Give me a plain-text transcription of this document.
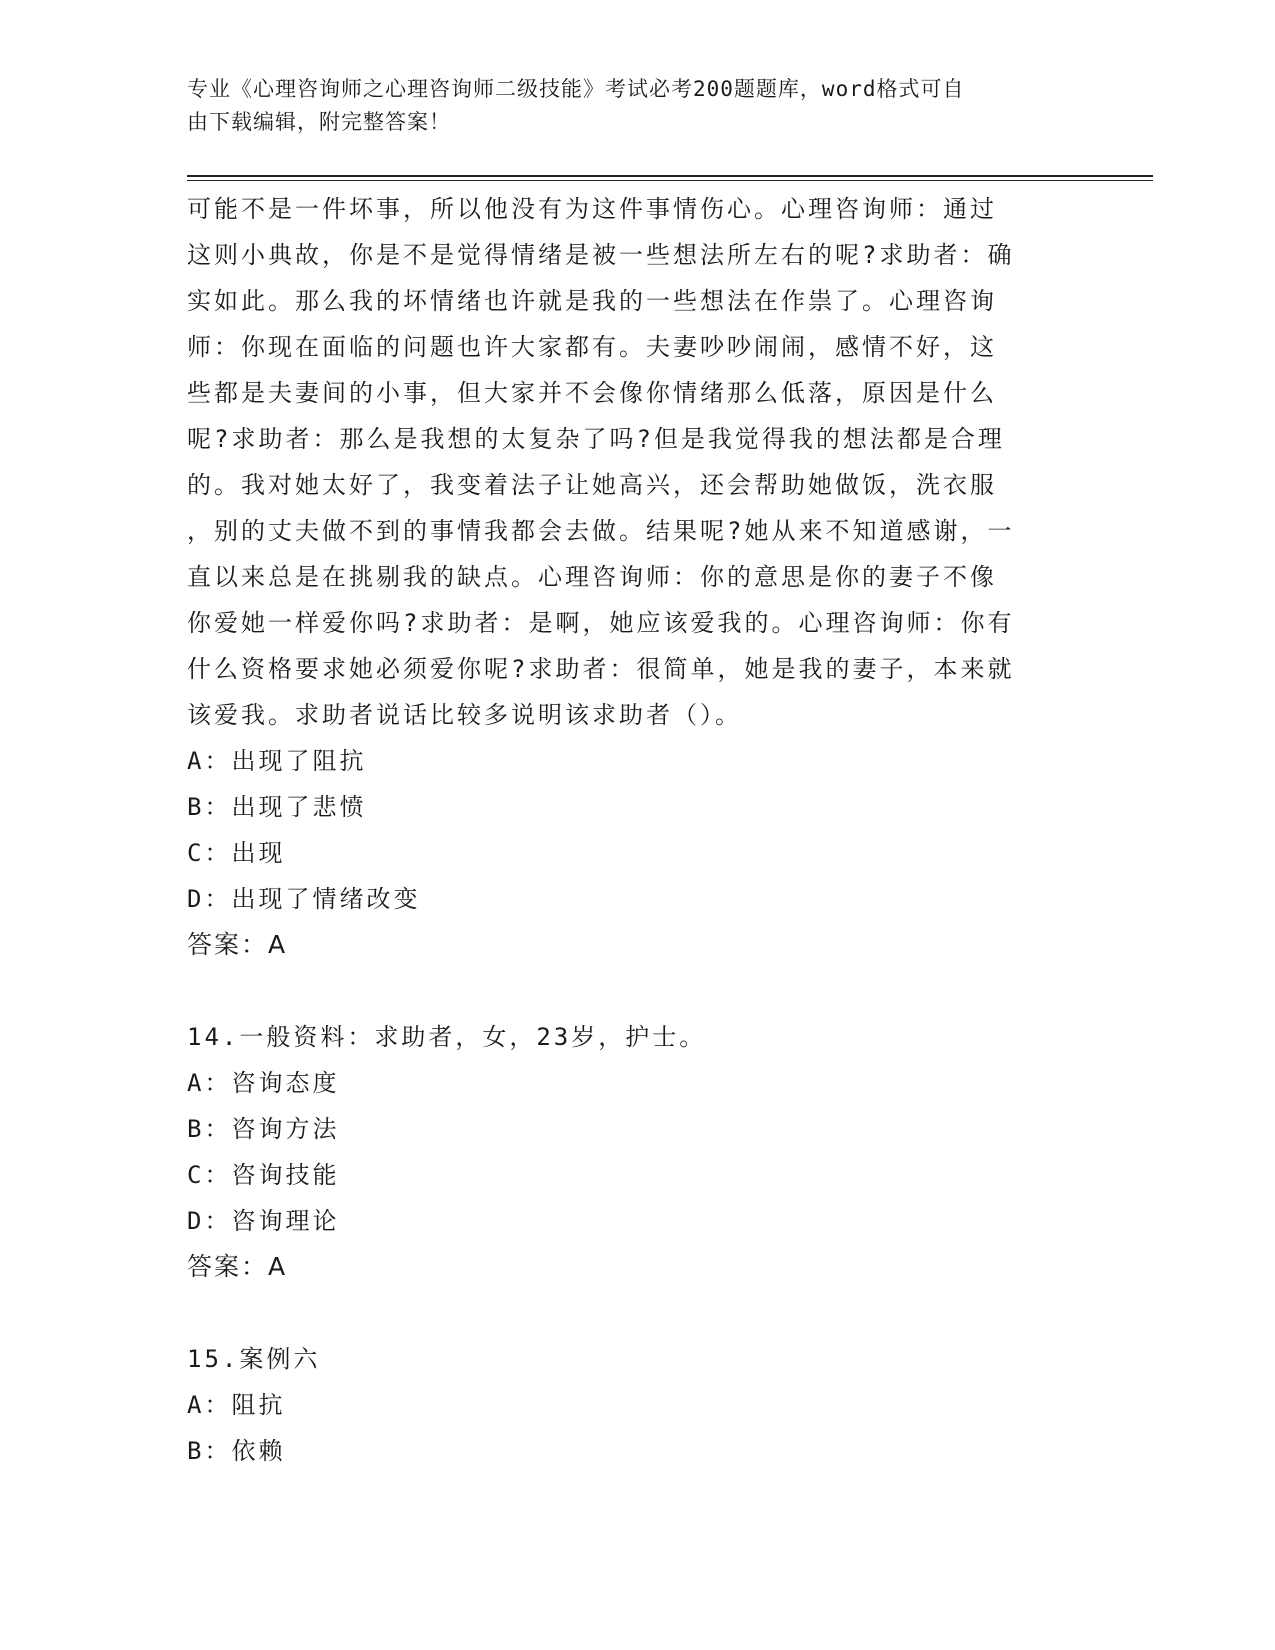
专业《心理咨询师之心理咨询师二级技能》考试必考200题题库，word格式可自
由下载编辑，附完整答案！
可能不是一件坏事，所以他没有为这件事情伤心。心理咨询师：通过
这则小典故，你是不是觉得情绪是被一些想法所左右的呢?求助者：确
实如此。那么我的坏情绪也许就是我的一些想法在作祟了。心理咨询
师：你现在面临的问题也许大家都有。夫妻吵吵闹闹，感情不好，这
些都是夫妻间的小事，但大家并不会像你情绪那么低落，原因是什么
呢?求助者：那么是我想的太复杂了吗?但是我觉得我的想法都是合理
的。我对她太好了，我变着法子让她高兴，还会帮助她做饭，洗衣服
，别的丈夫做不到的事情我都会去做。结果呢?她从来不知道感谢，一
直以来总是在挑剔我的缺点。心理咨询师：你的意思是你的妻子不像
你爱她一样爱你吗?求助者：是啊，她应该爱我的。心理咨询师：你有
什么资格要求她必须爱你呢?求助者：很简单，她是我的妻子，本来就
该爱我。求助者说话比较多说明该求助者（）。
A：出现了阻抗
B：出现了悲愤
C：出现
D：出现了情绪改变
答案：A
14.一般资料：求助者，女，23岁，护士。
A：咨询态度
B：咨询方法
C：咨询技能
D：咨询理论
答案：A
15.案例六
A：阻抗
B：依赖
